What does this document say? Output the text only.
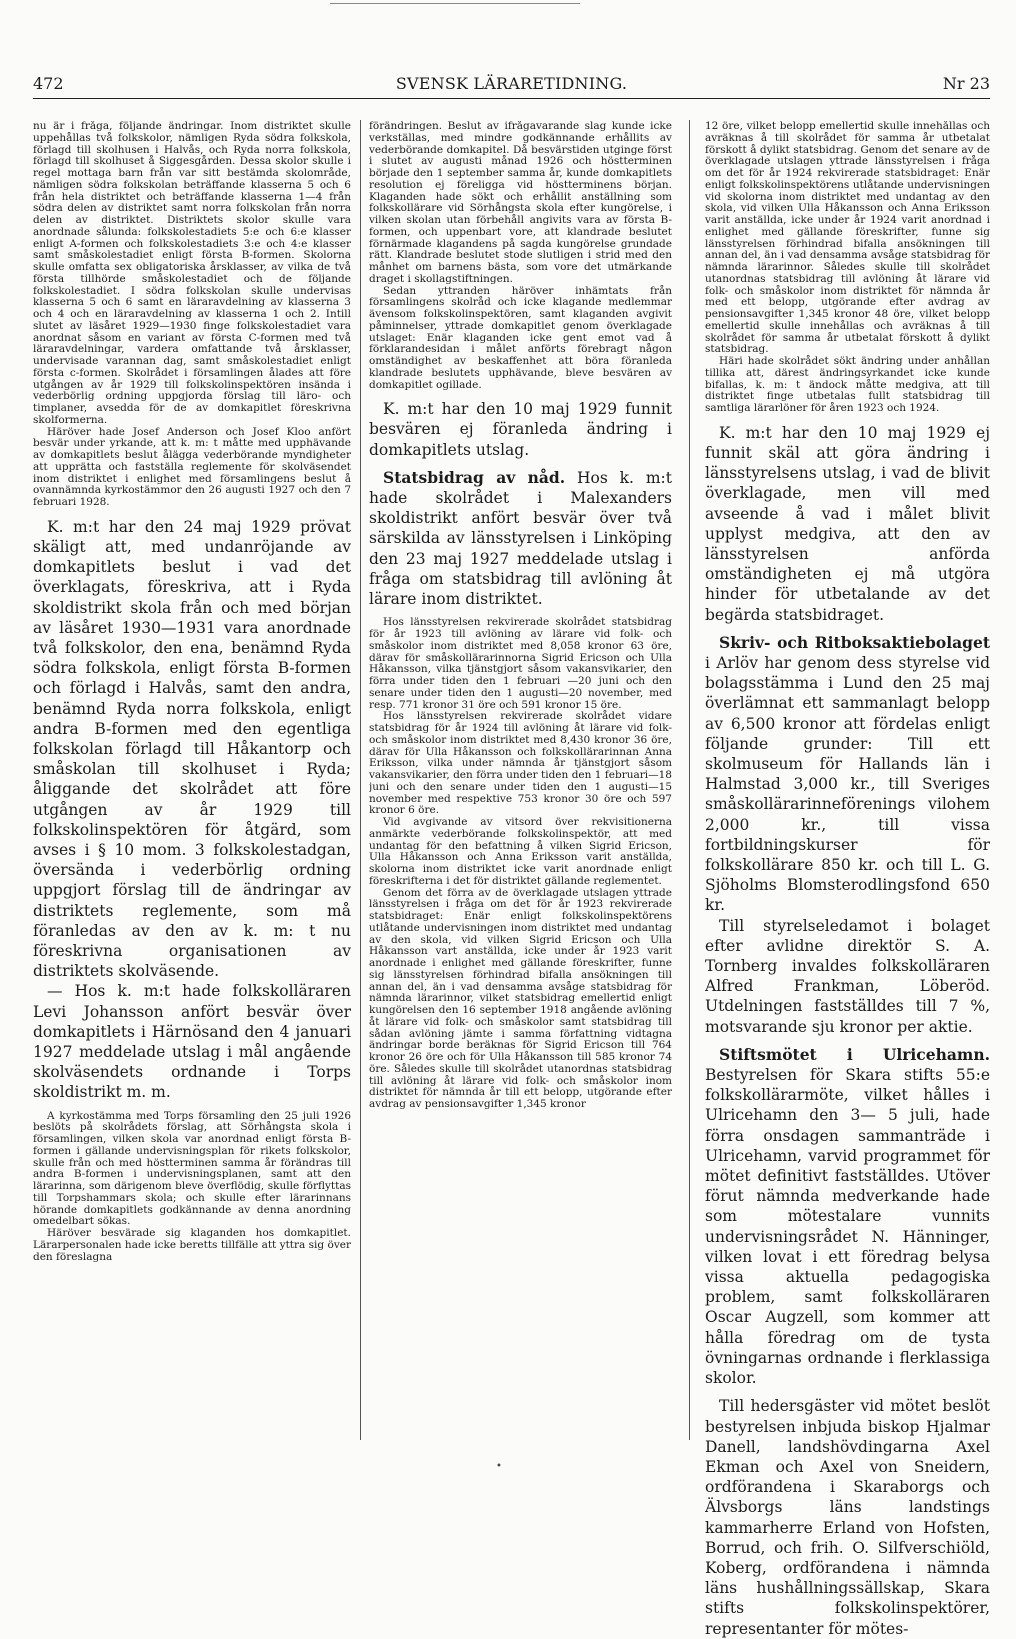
472	SVENSK LÄRARETIDNING.	Nr 23

nu är i fråga, följande ändringar. Inom distriktet skulle uppehållas två folkskolor, nämligen Ryda södra folkskola, förlagd till skolhusen i Halvås, och Ryda norra folkskola, förlagd till skolhuset å Siggesgården. Dessa skolor skulle i regel mottaga barn från var sitt bestämda skolområde, nämligen södra folkskolan beträffande klasserna 5 och 6 från hela distriktet och beträffande klasserna 1—4 från södra delen av distriktet samt norra folkskolan från norra delen av distriktet. Distriktets skolor skulle vara anordnade sålunda: folkskolestadiets 5:e och 6:e klasser enligt A-formen och folkskolestadiets 3:e och 4:e klasser samt småskolestadiet enligt första B-formen. Skolorna skulle omfatta sex obligatoriska årsklasser, av vilka de två första tillhörde småskolestadiet och de följande folkskolestadiet. I södra folkskolan skulle undervisas klasserna 5 och 6 samt en läraravdelning av klasserna 3 och 4 och en läraravdelning av klasserna 1 och 2. Intill slutet av läsåret 1929—1930 finge folkskolestadiet vara anordnat såsom en variant av första C-formen med två läraravdelningar, vardera omfattande två årsklasser, undervisade varannan dag, samt småskolestadiet enligt första c-formen. Skolrådet i församlingen ålades att före utgången av år 1929 till folkskolinspektören insända i vederbörlig ordning uppgjorda förslag till läro- och timplaner, avsedda för de av domkapitlet föreskrivna skolformerna.

Häröver hade Josef Anderson och Josef Kloo anfört besvär under yrkande, att k. m: t måtte med upphävande av domkapitlets beslut ålägga vederbörande myndigheter att upprätta och fastställa reglemente för skolväsendet inom distriktet i enlighet med församlingens beslut å ovannämnda kyrkostämmor den 26 augusti 1927 och den 7 februari 1928.

K. m:t har den 24 maj 1929 prövat skäligt att, med undanröjande av domkapitlets beslut i vad det överklagats, föreskriva, att i Ryda skoldistrikt skola från och med början av läsåret 1930—1931 vara anordnade två folkskolor, den ena, benämnd Ryda södra folkskola, enligt första B-formen och förlagd i Halvås, samt den andra, benämnd Ryda norra folkskola, enligt andra B-formen med den egentliga folkskolan förlagd till Håkantorp och småskolan till skolhuset i Ryda; åliggande det skolrådet att före utgången av år 1929 till folkskolinspektören för åtgärd, som avses i § 10 mom. 3 folkskolestadgan, översända i vederbörlig ordning uppgjort förslag till de ändringar av distriktets reglemente, som må föranledas av den av k. m: t nu föreskrivna organisationen av distriktets skolväsende.

— Hos k. m:t hade folkskolläraren Levi Johansson anfört besvär över domkapitlets i Härnösand den 4 januari 1927 meddelade utslag i mål angående skolväsendets ordnande i Torps skoldistrikt m. m.

A kyrkostämma med Torps församling den 25 juli 1926 beslöts på skolrådets förslag, att Sörhångsta skola i församlingen, vilken skola var anordnad enligt första B-formen i gällande undervisningsplan för rikets folkskolor, skulle från och med höstterminen samma år förändras till andra B-formen i undervisningsplanen, samt att den lärarinna, som därigenom bleve överflödig, skulle förflyttas till Torpshammars skola; och skulle efter lärarinnans hörande domkapitlets godkännande av denna anordning omedelbart sökas.

Häröver besvärade sig klaganden hos domkapitlet. Lärarpersonalen hade icke beretts tillfälle att yttra sig över den föreslagna

förändringen. Beslut av ifrågavarande slag kunde icke verkställas, med mindre godkännande erhållits av vederbörande domkapitel. Då besvärstiden utginge först i slutet av augusti månad 1926 och höstterminen började den 1 september samma år, kunde domkapitlets resolution ej föreligga vid höstterminens början. Klaganden hade sökt och erhållit anställning som folkskollärare vid Sörhångsta skola efter kungörelse, i vilken skolan utan förbehåll angivits vara av första B-formen, och uppenbart vore, att klandrade beslutet förnärmade klagandens på sagda kungörelse grundade rätt. Klandrade beslutet stode slutligen i strid med den månhet om barnens bästa, som vore det utmärkande draget i skollagstiftningen.

Sedan yttranden häröver inhämtats från församlingens skolråd och icke klagande medlemmar ävensom folkskolinspektören, samt klaganden avgivit påminnelser, yttrade domkapitlet genom överklagade utslaget: Enär klaganden icke gent emot vad å förklarandesidan i målet anförts förebragt någon omständighet av beskaffenhet att böra föranleda klandrade beslutets upphävande, bleve besvären av domkapitlet ogillade.

K. m:t har den 10 maj 1929 funnit besvären ej föranleda ändring i domkapitlets utslag.

Statsbidrag av nåd. Hos k. m:t hade skolrådet i Malexanders skoldistrikt anfört besvär över två särskilda av länsstyrelsen i Linköping den 23 maj 1927 meddelade utslag i fråga om statsbidrag till avlöning åt lärare inom distriktet.

Hos länsstyrelsen rekvirerade skolrådet statsbidrag för år 1923 till avlöning av lärare vid folk- och småskolor inom distriktet med 8,058 kronor 63 öre, därav för småskollärarinnorna Sigrid Ericson och Ulla Håkansson, vilka tjänstgjort såsom vakansvikarier, den förra under tiden den 1 februari —20 juni och den senare under tiden den 1 augusti—20 november, med resp. 771 kronor 31 öre och 591 kronor 15 öre.

Hos länsstyrelsen rekvirerade skolrådet vidare statsbidrag för år 1924 till avlöning åt lärare vid folk- och småskolor inom distriktet med 8,430 kronor 36 öre, därav för Ulla Håkansson och folkskollärarinnan Anna Eriksson, vilka under nämnda år tjänstgjort såsom vakansvikarier, den förra under tiden den 1 februari—18 juni och den senare under tiden den 1 augusti—15 november med respektive 753 kronor 30 öre och 597 kronor 6 öre.

Vid avgivande av vitsord över rekvisitionerna anmärkte vederbörande folkskolinspektör, att med undantag för den befattning å vilken Sigrid Ericson, Ulla Håkansson och Anna Eriksson varit anställda, skolorna inom distriktet icke varit anordnade enligt föreskrifterna i det för distriktet gällande reglementet.

Genom det förra av de överklagade utslagen yttrade länsstyrelsen i fråga om det för år 1923 rekvirerade statsbidraget: Enär enligt folkskolinspektörens utlåtande undervisningen inom distriktet med undantag av den skola, vid vilken Sigrid Ericson och Ulla Håkansson vart anställda, icke under år 1923 varit anordnade i enlighet med gällande föreskrifter, funne sig länsstyrelsen förhindrad bifalla ansökningen till annan del, än i vad densamma avsåge statsbidrag för nämnda lärarinnor, vilket statsbidrag emellertid enligt kungörelsen den 16 september 1918 angående avlöning åt lärare vid folk- och småskolor samt statsbidrag till sådan avlöning jämte i samma författning vidtagna ändringar borde beräknas för Sigrid Ericson till 764 kronor 26 öre och för Ulla Håkansson till 585 kronor 74 öre. Således skulle till skolrådet utanordnas statsbidrag till avlöning åt lärare vid folk- och småskolor inom distriktet för nämnda år till ett belopp, utgörande efter avdrag av pensionsavgifter 1,345 kronor

12 öre, vilket belopp emellertid skulle innehållas och avräknas å till skolrådet för samma år utbetalat förskott å dylikt statsbidrag. Genom det senare av de överklagade utslagen yttrade länsstyrelsen i fråga om det för år 1924 rekvirerade statsbidraget: Enär enligt folkskolinspektörens utlåtande undervisningen vid skolorna inom distriktet med undantag av den skola, vid vilken Ulla Håkansson och Anna Eriksson varit anställda, icke under år 1924 varit anordnad i enlighet med gällande föreskrifter, funne sig länsstyrelsen förhindrad bifalla ansökningen till annan del, än i vad densamma avsåge statsbidrag för nämnda lärarinnor. Således skulle till skolrådet utanordnas statsbidrag till avlöning åt lärare vid folk- och småskolor inom distriktet för nämnda år med ett belopp, utgörande efter avdrag av pensionsavgifter 1,345 kronor 48 öre, vilket belopp emellertid skulle innehållas och avräknas å till skolrådet för samma år utbetalat förskott å dylikt statsbidrag.

Häri hade skolrådet sökt ändring under anhållan tillika att, därest ändringsyrkandet icke kunde bifallas, k. m: t ändock måtte medgiva, att till distriktet finge utbetalas fullt statsbidrag till samtliga lärarlöner för åren 1923 och 1924.

K. m:t har den 10 maj 1929 ej funnit skäl att göra ändring i länsstyrelsens utslag, i vad de blivit överklagade, men vill med avseende å vad i målet blivit upplyst medgiva, att den av länsstyrelsen anförda omständigheten ej må utgöra hinder för utbetalande av det begärda statsbidraget.

Skriv- och Ritboksaktiebolaget i Arlöv har genom dess styrelse vid bolagsstämma i Lund den 25 maj överlämnat ett sammanlagt belopp av 6,500 kronor att fördelas enligt följande grunder: Till ett skolmuseum för Hallands län i Halmstad 3,000 kr., till Sveriges småskollärarinneförenings vilohem 2,000 kr., till vissa fortbildningskurser för folkskollärare 850 kr. och till L. G. Sjöholms Blomsterodlingsfond 650 kr.

Till styrelseledamot i bolaget efter avlidne direktör S. A. Tornberg invaldes folkskolläraren Alfred Frankman, Löberöd. Utdelningen fastställdes till 7 %, motsvarande sju kronor per aktie.

Stiftsmötet i Ulricehamn. Bestyrelsen för Skara stifts 55:e folkskollärarmöte, vilket hålles i Ulricehamn den 3— 5 juli, hade förra onsdagen sammanträde i Ulricehamn, varvid programmet för mötet definitivt fastställdes. Utöver förut nämnda medverkande hade som mötestalare vunnits undervisningsrådet N. Hänninger, vilken lovat i ett föredrag belysa vissa aktuella pedagogiska problem, samt folkskolläraren Oscar Augzell, som kommer att hålla föredrag om de tysta övningarnas ordnande i flerklassiga skolor.

Till hedersgäster vid mötet beslöt bestyrelsen inbjuda biskop Hjalmar Danell, landshövdingarna Axel Ekman och Axel von Sneidern, ordförandena i Skaraborgs och Älvsborgs läns landstings kammarherre Erland von Hofsten, Borrud, och frih. O. Silfverschiöld, Koberg, ordförandena i nämnda läns hushållningssällskap, Skara stifts folkskolinspektörer, representanter för mötes-

•
